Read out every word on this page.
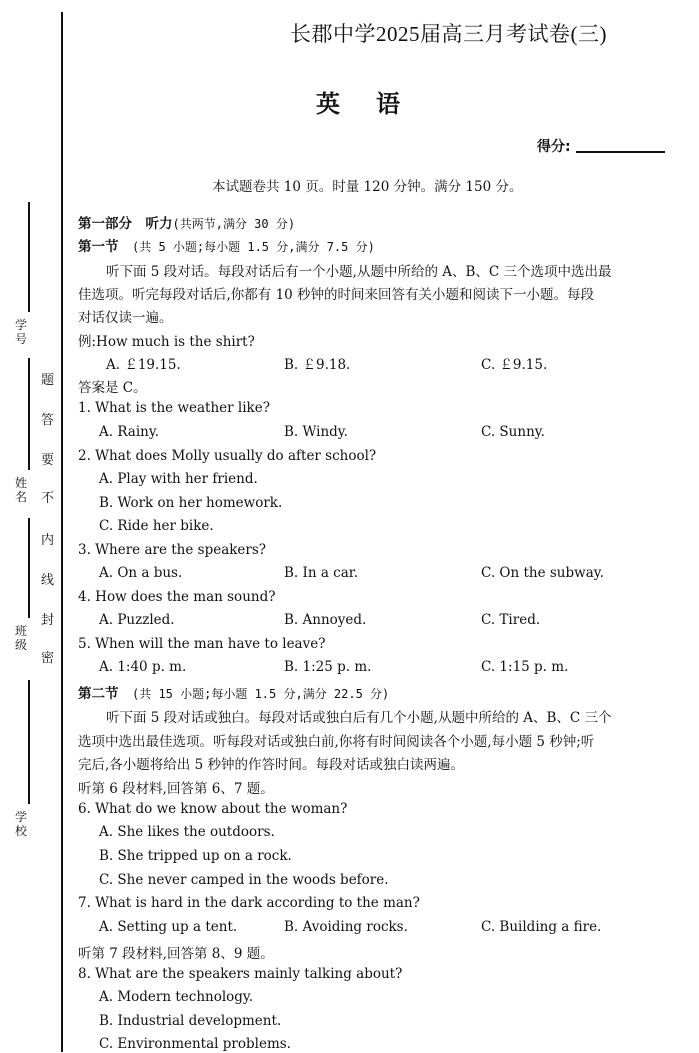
学号
姓名
班级
学校
题
答
要
不
内
线
封
密
长郡中学2025届高三月考试卷(三)
英语
得分:
本试题卷共 10 页。时量 120 分钟。满分 150 分。
第一部分　听力(共两节,满分 30 分)
第一节　 (共 5 小题;每小题 1.5 分,满分 7.5 分)
听下面 5 段对话。每段对话后有一个小题,从题中所给的 A、B、C 三个选项中选出最
佳选项。听完每段对话后,你都有 10 秒钟的时间来回答有关小题和阅读下一小题。每段
对话仅读一遍。
例:How much is the shirt?
A. ￡19.15.	B. ￡9.18.	C. ￡9.15.
答案是 C。
1. What is the weather like?
A. Rainy.	B. Windy.	C. Sunny.
2. What does Molly usually do after school?
A. Play with her friend.
B. Work on her homework.
C. Ride her bike.
3. Where are the speakers?
A. On a bus.	B. In a car.	C. On the subway.
4. How does the man sound?
A. Puzzled.	B. Annoyed.	C. Tired.
5. When will the man have to leave?
A. 1:40 p. m.	B. 1:25 p. m.	C. 1:15 p. m.
第二节　 (共 15 小题;每小题 1.5 分,满分 22.5 分)
听下面 5 段对话或独白。每段对话或独白后有几个小题,从题中所给的 A、B、C 三个
选项中选出最佳选项。听每段对话或独白前,你将有时间阅读各个小题,每小题 5 秒钟;听
完后,各小题将给出 5 秒钟的作答时间。每段对话或独白读两遍。
听第 6 段材料,回答第 6、7 题。
6. What do we know about the woman?
A. She likes the outdoors.
B. She tripped up on a rock.
C. She never camped in the woods before.
7. What is hard in the dark according to the man?
A. Setting up a tent.	B. Avoiding rocks.	C. Building a fire.
听第 7 段材料,回答第 8、9 题。
8. What are the speakers mainly talking about?
A. Modern technology.
B. Industrial development.
C. Environmental problems.
